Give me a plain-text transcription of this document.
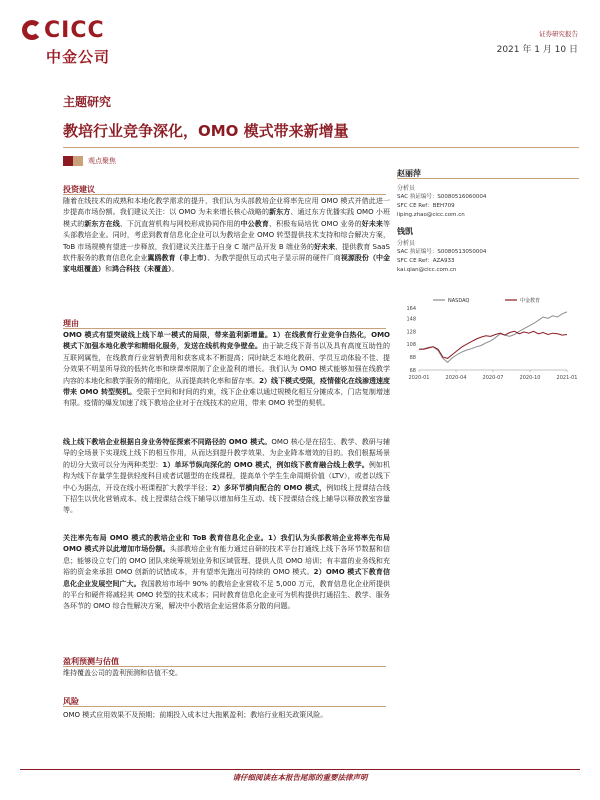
CICC
中金公司
证券研究报告
2021 年 1 月 10 日
主题研究
教培行业竞争深化，OMO 模式带来新增量
观点聚焦
投资建议
随着在线技术的成熟和本地化教学需求的提升，我们认为头部教培企业将率先应用 OMO 模式并借此进一步提高市场份额。我们建议关注：以 OMO 为未来增长核心战略的新东方、通过东方优播实践 OMO 小班模式的新东方在线、下沉直营机构与网校形成协同作用的中公教育、积极布局培优 OMO 业务的好未来等头部教培企业。同时，考虑到教育信息化企业可以为教培企业 OMO 转型提供技术支持和综合解决方案，ToB 市场规模有望进一步释放，我们建议关注基于自身 C 端产品开发 B 端业务的好未来、提供教育 SaaS 软件服务的教育信息化企业翼鸥教育（非上市）、为教学提供互动式电子显示屏的硬件厂商视源股份（中金家电组覆盖）和鸿合科技（未覆盖）。
理由
OMO 模式有望突破线上线下单一模式的局限，带来盈利新增量。1）在线教育行业竞争白热化，OMO 模式下加强本地化教学和精细化服务，发送在线机构竞争壁垒。由于缺乏线下背书以及具有高度互助性的互联网属性，在线教育行业营销费用和获客成本不断提高；同时缺乏本地化教研、学员互动体验不佳、提分效果不明显所导致的低转化率和续课率限制了企业盈利的增长。我们认为 OMO 模式能够加强在线教学内容的本地化和教学服务的精细化，从而提高转化率和留存率。2）线下模式受限，疫情催化在线渗透速度带来 OMO 转型契机。受限于空间和时间的约束，线下企业难以通过规模化相互分摊成本，门店复制增速有限。疫情的爆发加速了线下教培企业对于在线技术的应用，带来 OMO 转型的契机。
线上线下教培企业根据自身业务特征探索不同路径的 OMO 模式。OMO 核心是在招生、教学、教研与辅导的全场景下实现线上线下的相互作用，从而达到提升教学效果、为企业降本增效的目的。我们根据场景的切分大致可以分为两种类型：1）单环节纵向深化的 OMO 模式，例如线下教育融合线上教学。例如机构为线下存量学生提供轻度科目或者试题型的在线课程，提高单个学生生命周期价值（LTV），或者以线下中心为据点，开设在线小班课程扩大教学半径；2）多环节横向配合的 OMO 模式，例如线上授课结合线下招生以优化营销成本、线上授课结合线下辅导以增加师生互动、线下授课结合线上辅导以释放教室容量等。
关注率先布局 OMO 模式的教培企业和 ToB 教育信息化企业。1）我们认为头部教培企业将率先布局 OMO 模式并以此增加市场份额。头部教培企业有能力通过自研的技术平台打通线上线下各环节数据和信息；能够设立专门的 OMO 团队来统筹规划业务和区域管理、提供人员 OMO 培训；有丰富的业务线和充裕的资金来承担 OMO 创新的试错成本，并有望率先跑出可持续的 OMO 模式。2）OMO 模式下教育信息化企业发展空间广大。我国教培市场中 90% 的教培企业营收不足 5,000 万元，教育信息化企业所提供的平台和硬件将减轻其 OMO 转型的技术成本；同时教育信息化企业可为机构提供打通招生、教学、服务各环节的 OMO 综合性解决方案，解决中小教培企业运营体系分散的问题。
盈利预测与估值
维持覆盖公司的盈利预测和估值不变。
风险
OMO 模式应用效果不及预期；前期投入成本过大拖累盈利；教培行业相关政策风险。
赵丽萍
分析员
SAC 执证编号：S0080516060004
SFC CE Ref：BEH709
liping.zhao@cicc.com.cn
钱凯
分析员
SAC 执证编号：S0080513050004
SFC CE Ref：AZA933
kai.qian@cicc.com.cn
68
88
108
128
148
164
2020-01	2020-04	2020-07	2020-10	2021-01
NASDAQ	中金教育
请仔细阅读在本报告尾部的重要法律声明
